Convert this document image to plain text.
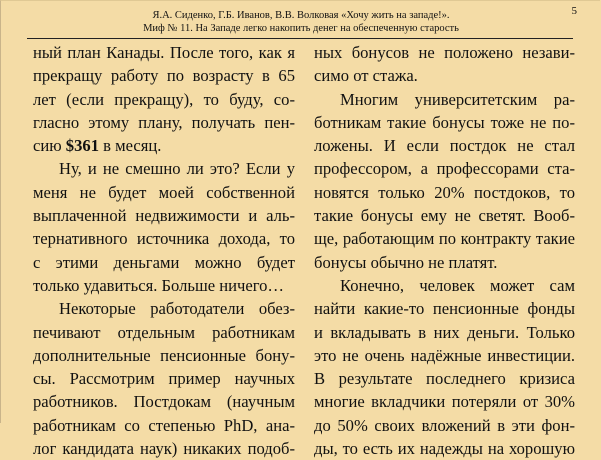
Я.А. Сиденко, Г.Б. Иванов, В.В. Волковая «Хочу жить на западе!».
Миф № 11. На Западе легко накопить денег на обеспеченную старость
5
ный план Канады. После того, как я
прекращу работу по возрасту в 65
лет (если прекращу), то буду, со-
гласно этому плану, получать пен-
сию $361 в месяц.
Ну, и не смешно ли это? Если у
меня не будет моей собственной
выплаченной недвижимости и аль-
тернативного источника дохода, то
с этими деньгами можно будет
только удавиться. Больше ничего…
Некоторые работодатели обез-
печивают отдельным работникам
дополнительные пенсионные бону-
сы. Рассмотрим пример научных
работников. Постдокам (научным
работникам со степенью PhD, ана-
лог кандидата наук) никаких подоб-
ных бонусов не положено незави-
симо от стажа.
Многим университетским ра-
ботникам такие бонусы тоже не по-
ложены. И если постдок не стал
профессором, а профессорами ста-
новятся только 20% постдоков, то
такие бонусы ему не светят. Вооб-
ще, работающим по контракту такие
бонусы обычно не платят.
Конечно, человек может сам
найти какие-то пенсионные фонды
и вкладывать в них деньги. Только
это не очень надёжные инвестиции.
В результате последнего кризиса
многие вкладчики потеряли от 30%
до 50% своих вложений в эти фон-
ды, то есть их надежды на хорошую
